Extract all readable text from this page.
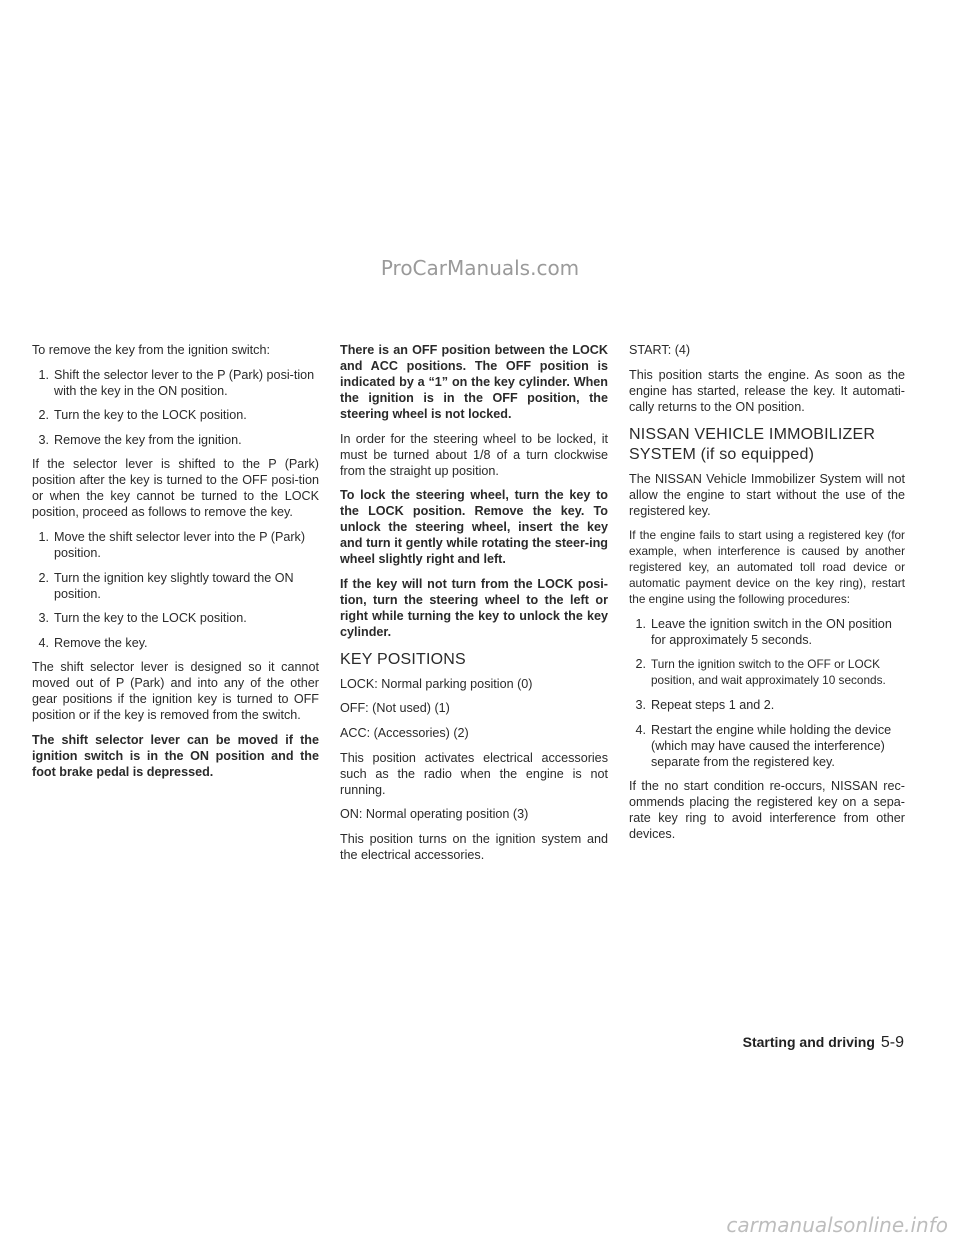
ProCarManuals.com

To remove the key from the ignition switch:

1. Shift the selector lever to the P (Park) posi-tion with the key in the ON position.
2. Turn the key to the LOCK position.
3. Remove the key from the ignition.

If the selector lever is shifted to the P (Park) position after the key is turned to the OFF posi-tion or when the key cannot be turned to the LOCK position, proceed as follows to remove the key.

1. Move the shift selector lever into the P (Park) position.
2. Turn the ignition key slightly toward the ON position.
3. Turn the key to the LOCK position.
4. Remove the key.

The shift selector lever is designed so it cannot moved out of P (Park) and into any of the other gear positions if the ignition key is turned to OFF position or if the key is removed from the switch.

The shift selector lever can be moved if the ignition switch is in the ON position and the foot brake pedal is depressed.

There is an OFF position between the LOCK and ACC positions. The OFF position is indicated by a “1” on the key cylinder. When the ignition is in the OFF position, the steering wheel is not locked.

In order for the steering wheel to be locked, it must be turned about 1/8 of a turn clockwise from the straight up position.

To lock the steering wheel, turn the key to the LOCK position. Remove the key. To unlock the steering wheel, insert the key and turn it gently while rotating the steer-ing wheel slightly right and left.

If the key will not turn from the LOCK posi-tion, turn the steering wheel to the left or right while turning the key to unlock the key cylinder.

KEY POSITIONS

LOCK: Normal parking position (0)

OFF: (Not used) (1)

ACC: (Accessories) (2)

This position activates electrical accessories such as the radio when the engine is not running.

ON: Normal operating position (3)

This position turns on the ignition system and the electrical accessories.

START: (4)

This position starts the engine. As soon as the engine has started, release the key. It automati-cally returns to the ON position.

NISSAN VEHICLE IMMOBILIZER
SYSTEM (if so equipped)

The NISSAN Vehicle Immobilizer System will not allow the engine to start without the use of the registered key.

If the engine fails to start using a registered key (for example, when interference is caused by another registered key, an automated toll road device or automatic payment device on the key ring), restart the engine using the following procedures:

1. Leave the ignition switch in the ON position for approximately 5 seconds.
2. Turn the ignition switch to the OFF or LOCK position, and wait approximately 10 seconds.
3. Repeat steps 1 and 2.
4. Restart the engine while holding the device (which may have caused the interference) separate from the registered key.

If the no start condition re-occurs, NISSAN rec-ommends placing the registered key on a sepa-rate key ring to avoid interference from other devices.

Starting and driving 5-9
carmanualsonline.info
